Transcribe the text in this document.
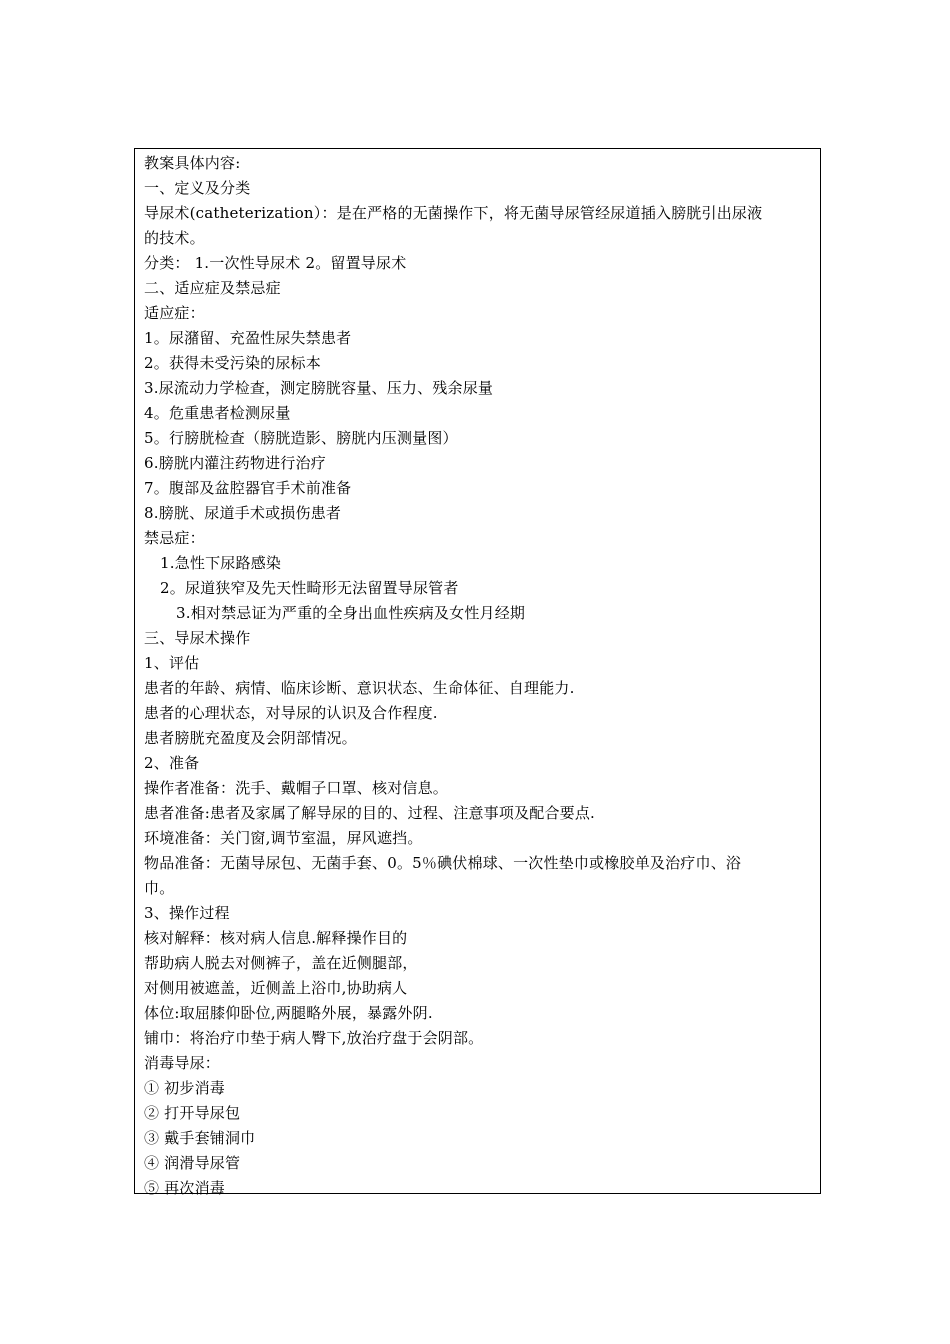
教案具体内容:
一、定义及分类
导尿术(catheterization）：是在严格的无菌操作下，将无菌导尿管经尿道插入膀胱引出尿液
的技术。
分类： 1.一次性导尿术 2。留置导尿术
二、适应症及禁忌症
适应症：
1。尿潴留、充盈性尿失禁患者
2。获得未受污染的尿标本
3.尿流动力学检查，测定膀胱容量、压力、残余尿量
4。危重患者检测尿量
5。行膀胱检查（膀胱造影、膀胱内压测量图）
6.膀胱内灌注药物进行治疗
7。腹部及盆腔器官手术前准备
8.膀胱、尿道手术或损伤患者
禁忌症：
1.急性下尿路感染
2。尿道狭窄及先天性畸形无法留置导尿管者
3.相对禁忌证为严重的全身出血性疾病及女性月经期
三、导尿术操作
1、评估
患者的年龄、病情、临床诊断、意识状态、生命体征、自理能力.
患者的心理状态，对导尿的认识及合作程度.
患者膀胱充盈度及会阴部情况。
2、准备
操作者准备：洗手、戴帽子口罩、核对信息。
患者准备:患者及家属了解导尿的目的、过程、注意事项及配合要点.
环境准备：关门窗,调节室温，屏风遮挡。
物品准备：无菌导尿包、无菌手套、0。5％碘伏棉球、一次性垫巾或橡胶单及治疗巾、浴
巾。
3、操作过程
核对解释：核对病人信息.解释操作目的
帮助病人脱去对侧裤子，盖在近侧腿部，
对侧用被遮盖，近侧盖上浴巾,协助病人
体位:取屈膝仰卧位,两腿略外展，暴露外阴.
铺巾：将治疗巾垫于病人臀下,放治疗盘于会阴部。
消毒导尿：
① 初步消毒
② 打开导尿包
③ 戴手套铺洞巾
④ 润滑导尿管
⑤ 再次消毒
